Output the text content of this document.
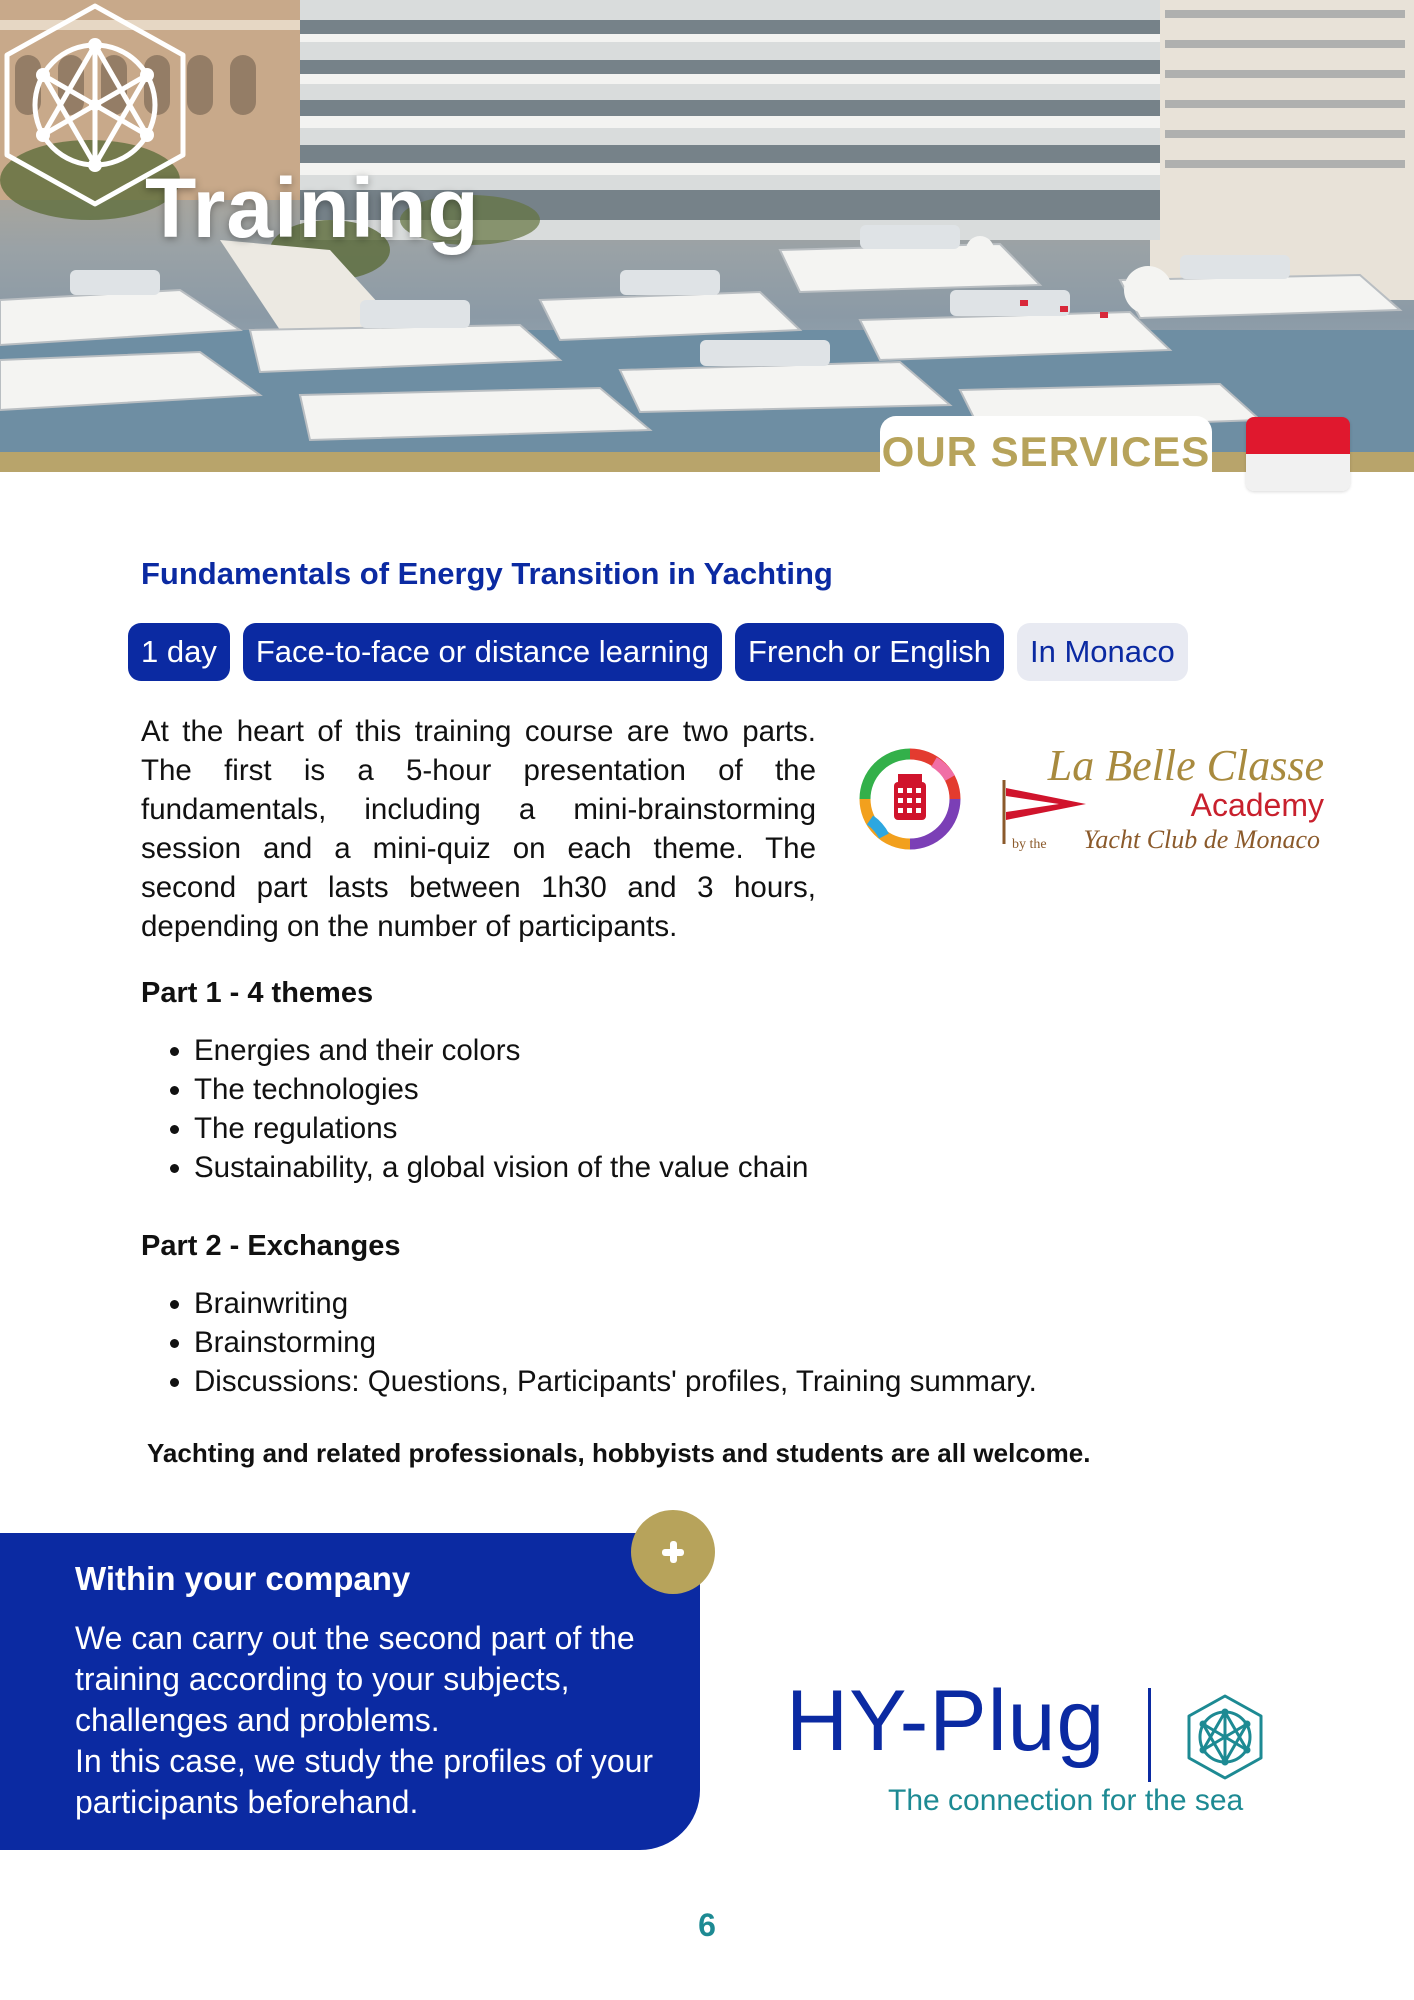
Training
OUR SERVICES
Fundamentals of Energy Transition in Yachting
1 day	Face-to-face or distance learning	French or English	In Monaco

At the heart of this training course are two parts. The first is a 5-hour presentation of the fundamentals, including a mini-brainstorming session and a mini-quiz on each theme. The second part lasts between 1h30 and 3 hours, depending on the number of participants.

La Belle Classe
Academy
by the Yacht Club de Monaco
Part 1 - 4 themes
• Energies and their colors
• The technologies
• The regulations
• Sustainability, a global vision of the value chain
Part 2 - Exchanges
• Brainwriting
• Brainstorming
• Discussions: Questions, Participants' profiles, Training summary.

Yachting and related professionals, hobbyists and students are all welcome.

Within your company

We can carry out the second part of the training according to your subjects, challenges and problems.

In this case, we study the profiles of your participants beforehand.

HY-Plug

The connection for the sea

6
